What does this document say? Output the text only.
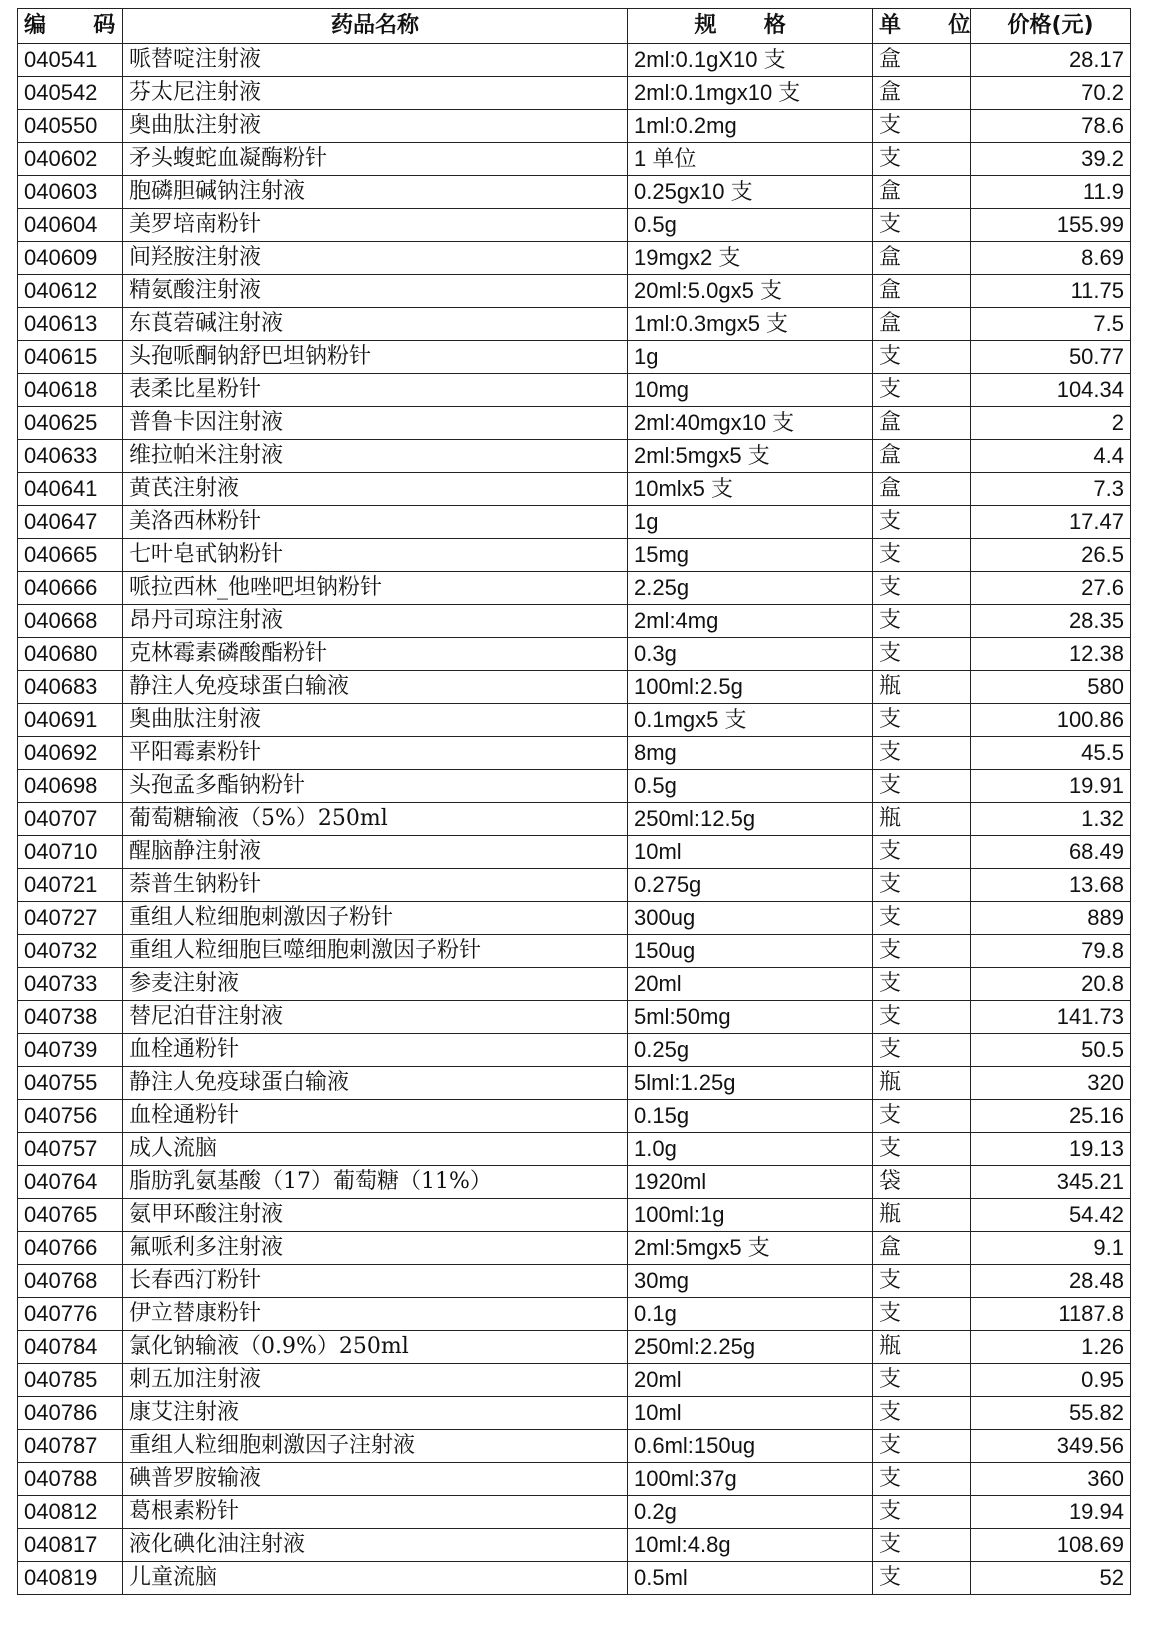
编 码	药品名称	规 格	单 位	价格(元)
040541	哌替啶注射液	2ml:0.1gX10 支	盒	28.17
040542	芬太尼注射液	2ml:0.1mgx10 支	盒	70.2
040550	奥曲肽注射液	1ml:0.2mg	支	78.6
040602	矛头蝮蛇血凝酶粉针	1 单位	支	39.2
040603	胞磷胆碱钠注射液	0.25gx10 支	盒	11.9
040604	美罗培南粉针	0.5g	支	155.99
040609	间羟胺注射液	19mgx2 支	盒	8.69
040612	精氨酸注射液	20ml:5.0gx5 支	盒	11.75
040613	东莨菪碱注射液	1ml:0.3mgx5 支	盒	7.5
040615	头孢哌酮钠舒巴坦钠粉针	1g	支	50.77
040618	表柔比星粉针	10mg	支	104.34
040625	普鲁卡因注射液	2ml:40mgx10 支	盒	2
040633	维拉帕米注射液	2ml:5mgx5 支	盒	4.4
040641	黄芪注射液	10mlx5 支	盒	7.3
040647	美洛西林粉针	1g	支	17.47
040665	七叶皂甙钠粉针	15mg	支	26.5
040666	哌拉西林_他唑吧坦钠粉针	2.25g	支	27.6
040668	昂丹司琼注射液	2ml:4mg	支	28.35
040680	克林霉素磷酸酯粉针	0.3g	支	12.38
040683	静注人免疫球蛋白输液	100ml:2.5g	瓶	580
040691	奥曲肽注射液	0.1mgx5 支	支	100.86
040692	平阳霉素粉针	8mg	支	45.5
040698	头孢孟多酯钠粉针	0.5g	支	19.91
040707	葡萄糖输液（5%）250ml	250ml:12.5g	瓶	1.32
040710	醒脑静注射液	10ml	支	68.49
040721	萘普生钠粉针	0.275g	支	13.68
040727	重组人粒细胞刺激因子粉针	300ug	支	889
040732	重组人粒细胞巨噬细胞刺激因子粉针	150ug	支	79.8
040733	参麦注射液	20ml	支	20.8
040738	替尼泊苷注射液	5ml:50mg	支	141.73
040739	血栓通粉针	0.25g	支	50.5
040755	静注人免疫球蛋白输液	5lml:1.25g	瓶	320
040756	血栓通粉针	0.15g	支	25.16
040757	成人流脑	1.0g	支	19.13
040764	脂肪乳氨基酸（17）葡萄糖（11%）	1920ml	袋	345.21
040765	氨甲环酸注射液	100ml:1g	瓶	54.42
040766	氟哌利多注射液	2ml:5mgx5 支	盒	9.1
040768	长春西汀粉针	30mg	支	28.48
040776	伊立替康粉针	0.1g	支	1187.8
040784	氯化钠输液（0.9%）250ml	250ml:2.25g	瓶	1.26
040785	刺五加注射液	20ml	支	0.95
040786	康艾注射液	10ml	支	55.82
040787	重组人粒细胞刺激因子注射液	0.6ml:150ug	支	349.56
040788	碘普罗胺输液	100ml:37g	支	360
040812	葛根素粉针	0.2g	支	19.94
040817	液化碘化油注射液	10ml:4.8g	支	108.69
040819	儿童流脑	0.5ml	支	52
